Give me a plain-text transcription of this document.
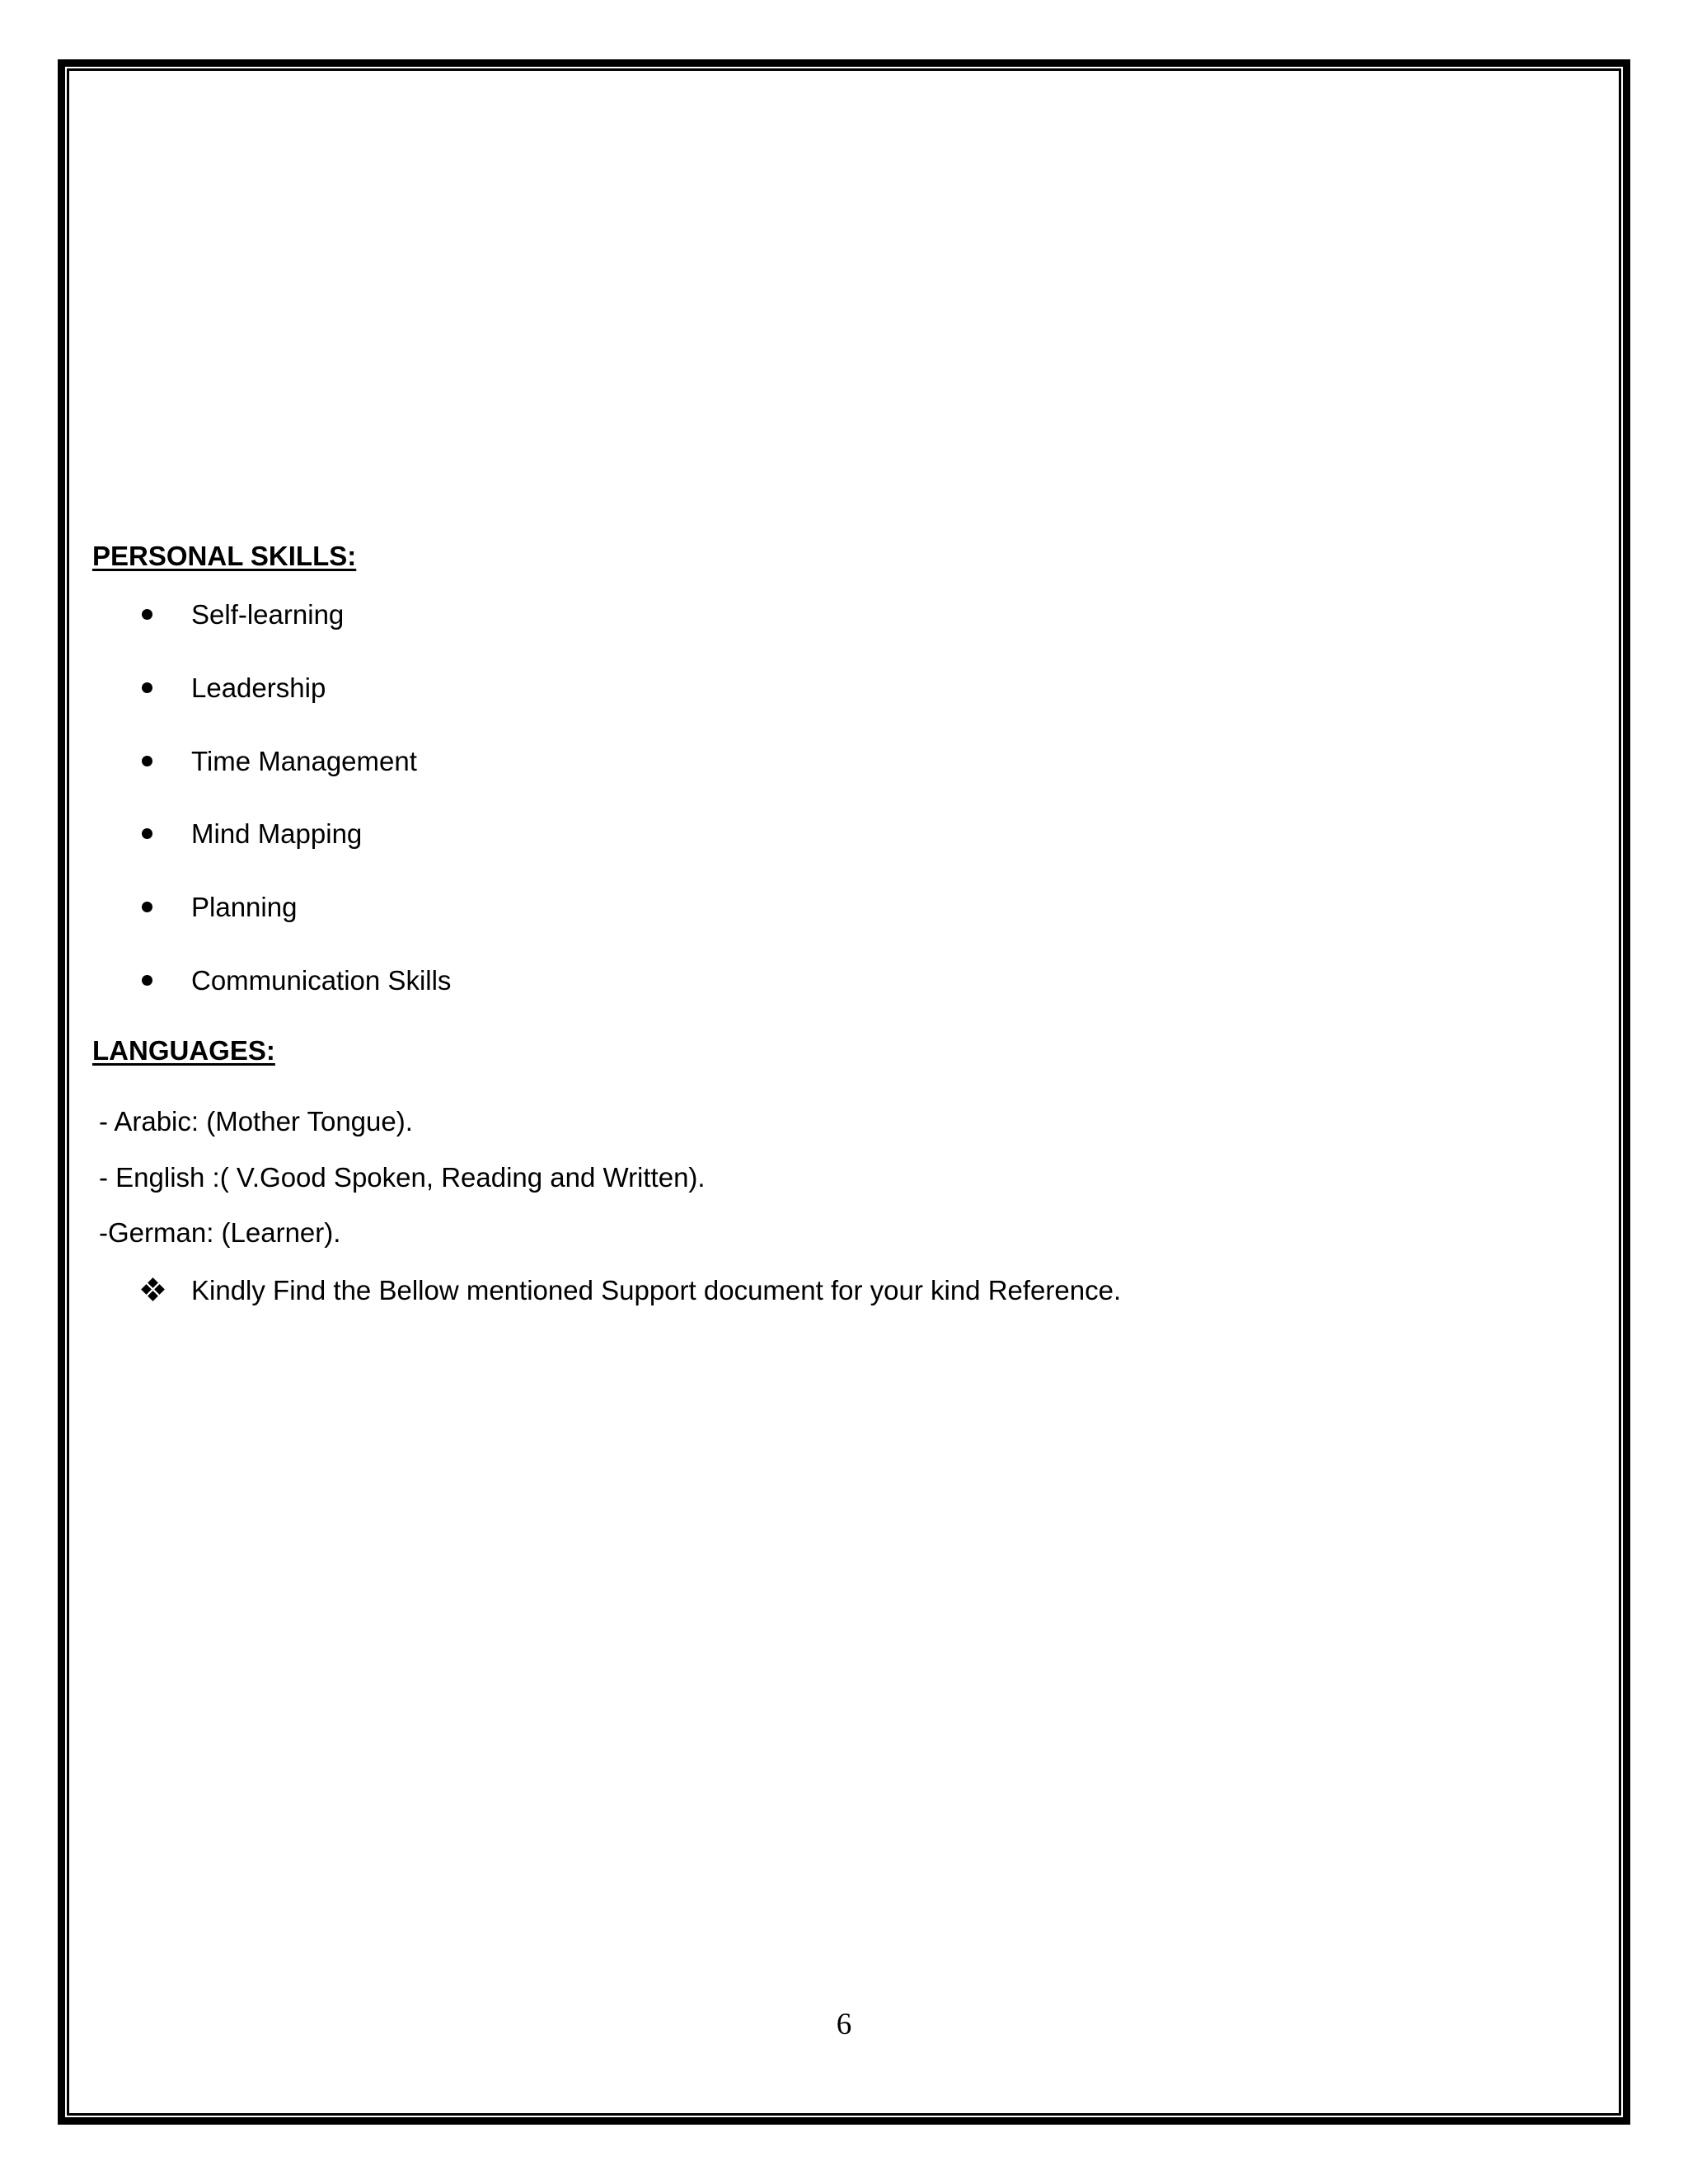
PERSONAL SKILLS:
Self-learning
Leadership
Time Management
Mind Mapping
Planning
Communication Skills
LANGUAGES:
- Arabic: (Mother Tongue).
- English :( V.Good Spoken, Reading and Written).
-German: (Learner).
Kindly Find the Bellow mentioned Support document for your kind Reference.
6
